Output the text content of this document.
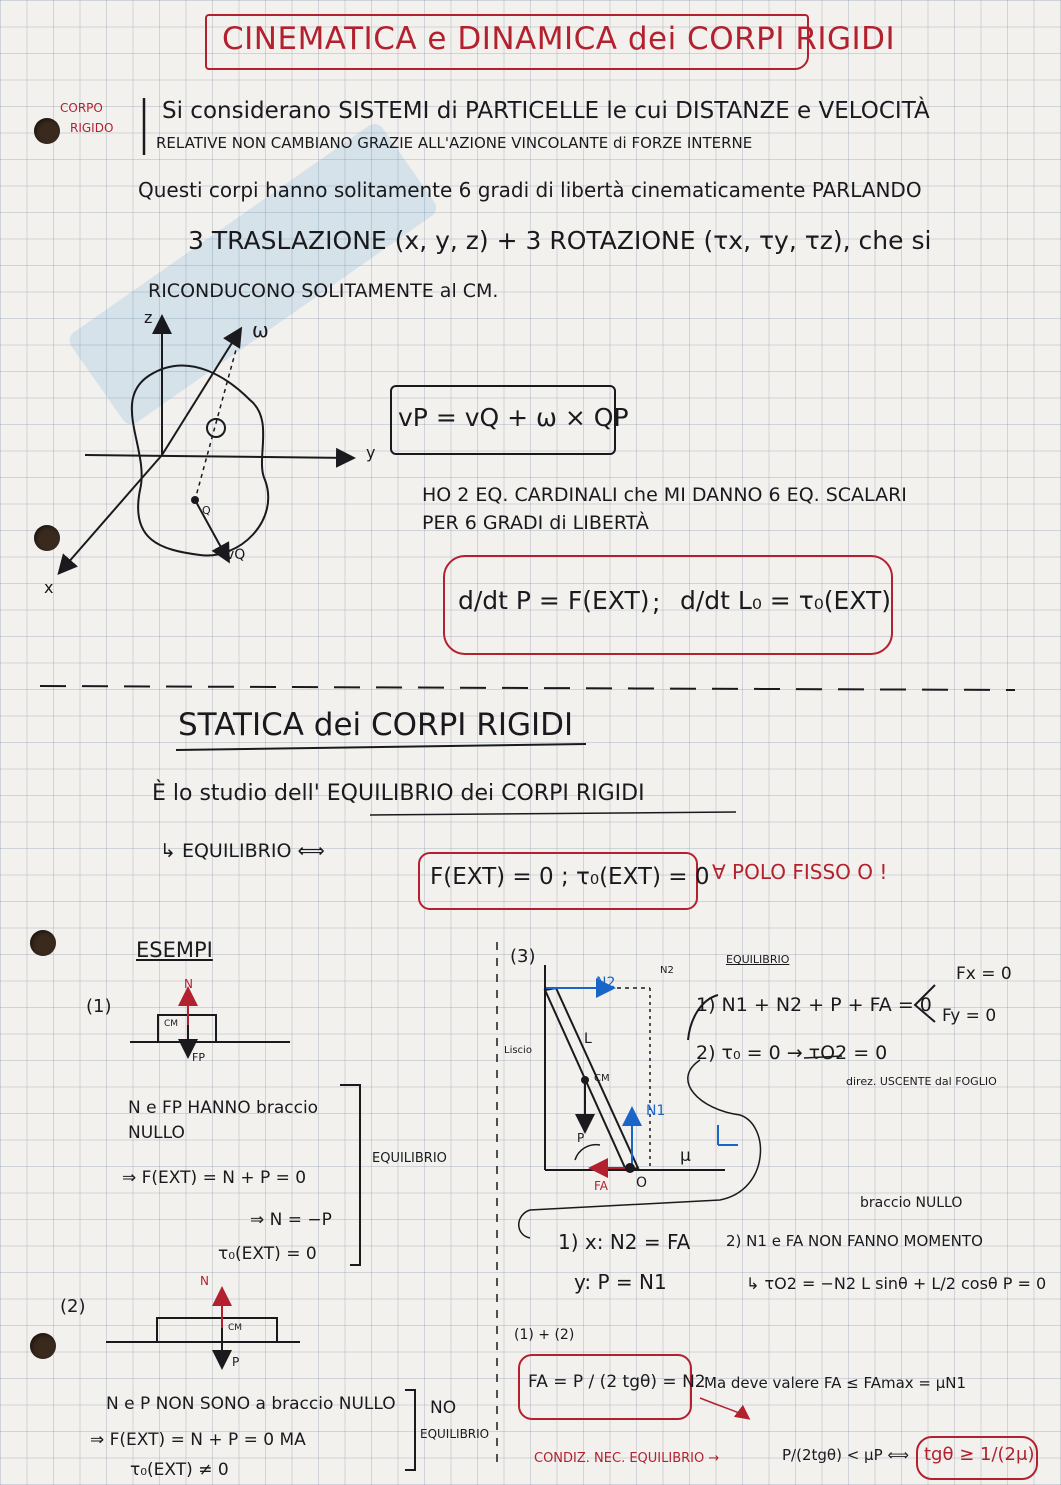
CINEMATICA e DINAMICA dei CORPI RIGIDI
CORPO
RIGIDO
Si considerano SISTEMI di PARTICELLE le cui DISTANZE e VELOCITÀ
RELATIVE NON CAMBIANO GRAZIE ALL'AZIONE VINCOLANTE di FORZE INTERNE
Questi corpi hanno solitamente 6 gradi di libertà cinematicamente PARLANDO
3 TRASLAZIONE (x, y, z) + 3 ROTAZIONE (τx, τy, τz), che si
RICONDUCONO SOLITAMENTE al CM.
z
y
x
ω
Q
vQ
vP = vQ + ω × QP
HO 2 EQ. CARDINALI che MI DANNO 6 EQ. SCALARI
PER 6 GRADI di LIBERTÀ
d/dt P = F(EXT) ; d/dt L₀ = τ₀(EXT)
STATICA dei CORPI RIGIDI
È lo studio dell' EQUILIBRIO dei CORPI RIGIDI
↳ EQUILIBRIO ⟺
F(EXT) = 0 ; τ₀(EXT) = 0 ∀ POLO FISSO O !
ESEMPI
(1)
N
CM
FP
N e FP HANNO braccio
NULLO
⇒ F(EXT) = N + P = 0
⇒ N = −P
τ₀(EXT) = 0
EQUILIBRIO
(2)
N
CM
P
N e P NON SONO a braccio NULLO
⇒ F(EXT) = N + P = 0 MA
τ₀(EXT) ≠ 0
NO
EQUILIBRIO
(3)	EQUILIBRIO
N2
N2
L
Liscio
CM
N1
P
FA O
μ
1) N1 + N2 + P + FA = 0
Fx = 0
Fy = 0
2) τ₀ = 0 → τO2 = 0
direz. USCENTE dal FOGLIO
braccio NULLO
1) x: N2 = FA
y: P = N1
2) N1 e FA NON FANNO MOMENTO
↳ τO2 = −N2 L sinθ + L/2 cosθ P = 0
(1) + (2)
FA = P / (2 tgθ) = N2
Ma deve valere FA ≤ FAmax = μN1
CONDIZ. NEC. EQUILIBRIO →	P/(2tgθ) < μP ⟺ tgθ ≥ 1/(2μ)
